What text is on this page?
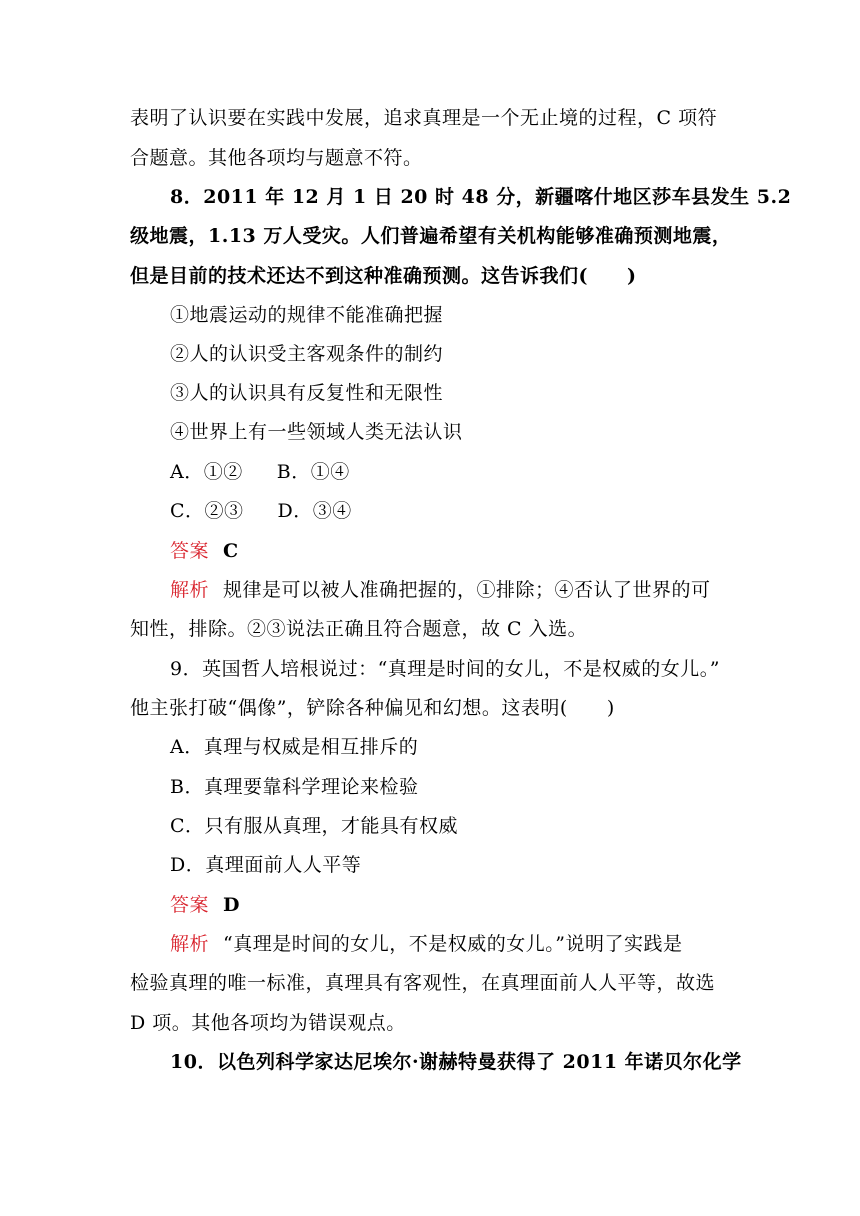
表明了认识要在实践中发展，追求真理是一个无止境的过程，C 项符
合题意。其他各项均与题意不符。
8．2011 年 12 月 1 日 20 时 48 分，新疆喀什地区莎车县发生 5.2
级地震，1.13 万人受灾。人们普遍希望有关机构能够准确预测地震，
但是目前的技术还达不到这种准确预测。这告诉我们(　　)
①地震运动的规律不能准确把握
②人的认识受主客观条件的制约
③人的认识具有反复性和无限性
④世界上有一些领域人类无法认识
A．①② B．①④
C．②③ D．③④
答案 C
解析 规律是可以被人准确把握的，①排除；④否认了世界的可
知性，排除。②③说法正确且符合题意，故 C 入选。
9．英国哲人培根说过：“真理是时间的女儿，不是权威的女儿。”
他主张打破“偶像”，铲除各种偏见和幻想。这表明(　　)
A．真理与权威是相互排斥的
B．真理要靠科学理论来检验
C．只有服从真理，才能具有权威
D．真理面前人人平等
答案 D
解析 “真理是时间的女儿，不是权威的女儿。”说明了实践是
检验真理的唯一标准，真理具有客观性，在真理面前人人平等，故选
D 项。其他各项均为错误观点。
10．以色列科学家达尼埃尔·谢赫特曼获得了 2011 年诺贝尔化学
